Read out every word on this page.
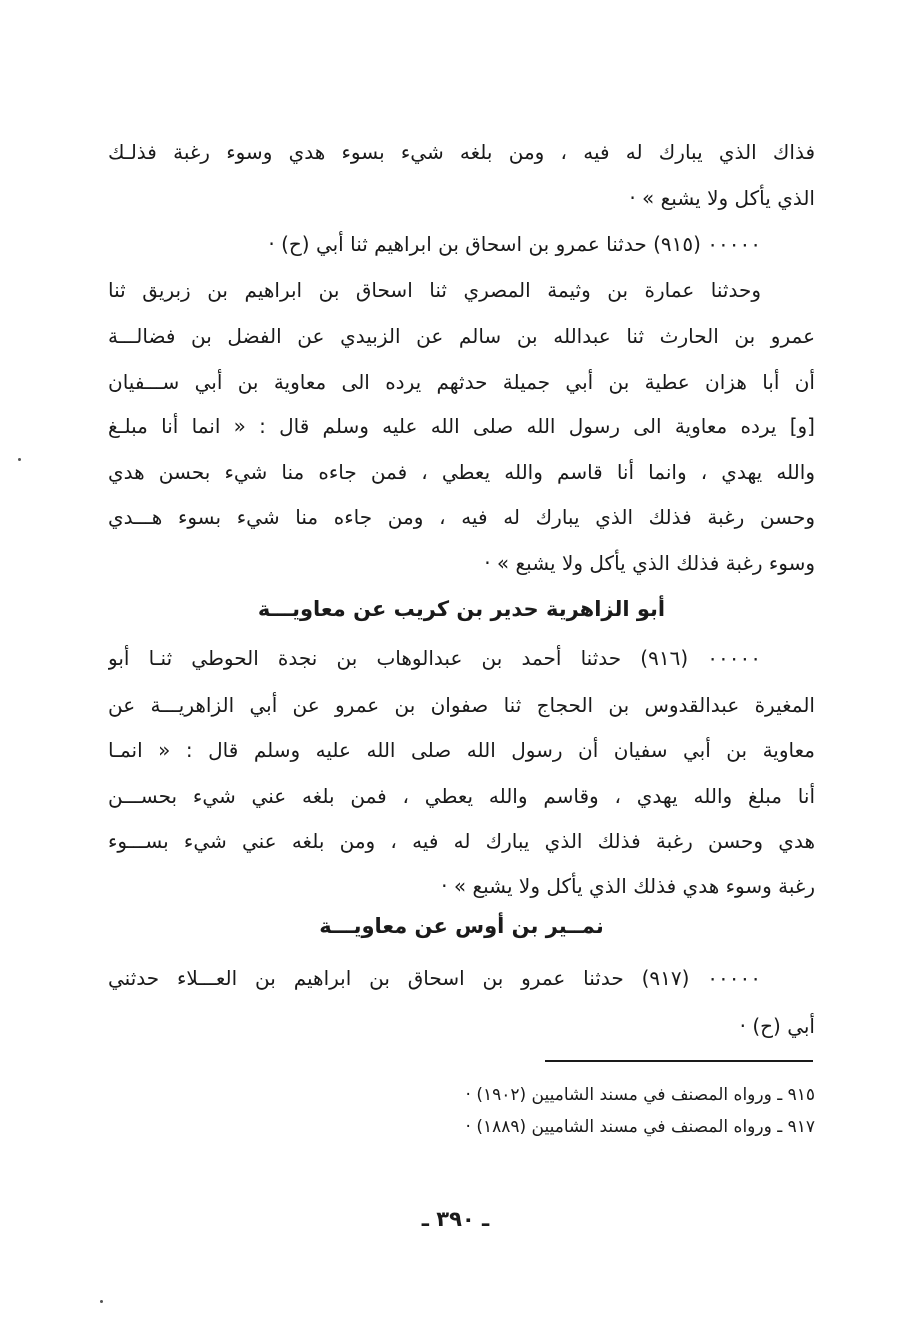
فذاك الذي يبارك له فيه ، ومن بلغه شيء بسوء هدي وسوء رغبة فذلـك
الذي يأكل ولا يشبع » ·
٠٠٠٠٠ (٩١٥) حدثنا عمرو بن اسحاق بن ابراهيم ثنا أبي (ح) ·
وحدثنا عمارة بن وثيمة المصري ثنا اسحاق بن ابراهيم بن زبريق ثنا
عمرو بن الحارث ثنا عبدالله بن سالم عن الزبيدي عن الفضل بن فضالـــة
أن أبا هزان عطية بن أبي جميلة حدثهم يرده الى معاوية بن أبي ســـفيان
[و] يرده معاوية الى رسول الله صلى الله عليه وسلم قال : « انما أنا مبلـغ
والله يهدي ، وانما أنا قاسم والله يعطي ، فمن جاءه منا شيء بحسن هدي
وحسن رغبة فذلك الذي يبارك له فيه ، ومن جاءه منا شيء بسوء هـــدي
وسوء رغبة فذلك الذي يأكل ولا يشبع » ·
أبو الزاهرية حدير بن كريب عن معاويـــة
٠٠٠٠٠ (٩١٦) حدثنا أحمد بن عبدالوهاب بن نجدة الحوطي ثنـا أبو
المغيرة عبدالقدوس بن الحجاج ثنا صفوان بن عمرو عن أبي الزاهريـــة عن
معاوية بن أبي سفيان أن رسول الله صلى الله عليه وسلم قال : « انمـا
أنا مبلغ والله يهدي ، وقاسم والله يعطي ، فمن بلغه عني شيء بحســـن
هدي وحسن رغبة فذلك الذي يبارك له فيه ، ومن بلغه عني شيء بســـوء
رغبة وسوء هدي فذلك الذي يأكل ولا يشبع » ·
نمــير بن أوس عن معاويـــة
٠٠٠٠٠ (٩١٧) حدثنا عمرو بن اسحاق بن ابراهيم بن العـــلاء حدثني
أبي (ح) ·
٩١٥ ـ ورواه المصنف في مسند الشاميين (١٩٠٢) ·
٩١٧ ـ ورواه المصنف في مسند الشاميين (١٨٨٩) ·
ـ ٣٩٠ ـ
